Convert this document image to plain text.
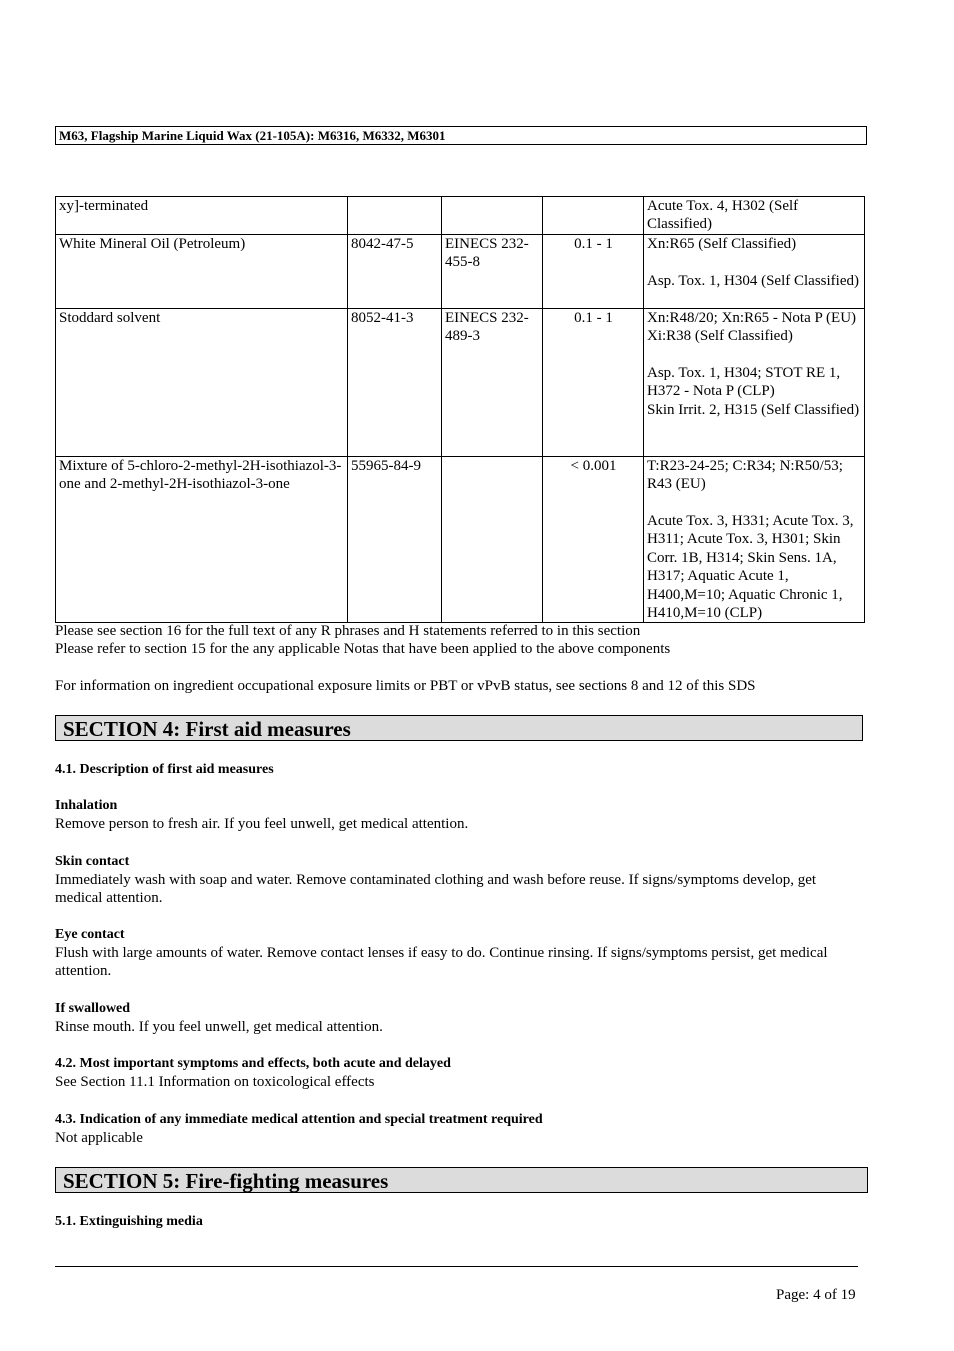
M63, Flagship Marine Liquid Wax (21-105A): M6316, M6332, M6301
xy]-terminated				Acute Tox. 4, H302 (Self Classified)
White Mineral Oil (Petroleum)	8042-47-5	EINECS 232-455-8	0.1 - 1	Xn:R65 (Self Classified)

Asp. Tox. 1, H304 (Self Classified)
Stoddard solvent	8052-41-3	EINECS 232-489-3	0.1 - 1	Xn:R48/20; Xn:R65 - Nota P (EU)
Xi:R38 (Self Classified)

Asp. Tox. 1, H304; STOT RE 1, H372 - Nota P (CLP)
Skin Irrit. 2, H315 (Self Classified)
Mixture of 5-chloro-2-methyl-2H-isothiazol-3-one and 2-methyl-2H-isothiazol-3-one	55965-84-9		< 0.001	T:R23-24-25; C:R34; N:R50/53; R43 (EU)

Acute Tox. 3, H331; Acute Tox. 3, H311; Acute Tox. 3, H301; Skin Corr. 1B, H314; Skin Sens. 1A, H317; Aquatic Acute 1, H400,M=10; Aquatic Chronic 1, H410,M=10 (CLP)
Please see section 16 for the full text of any R phrases and H statements referred to in this section
Please refer to section 15 for the any applicable Notas that have been applied to the above components
For information on ingredient occupational exposure limits or PBT or vPvB status, see sections 8 and 12 of this SDS
SECTION 4: First aid measures
4.1. Description of first aid measures
Inhalation
Remove person to fresh air. If you feel unwell, get medical attention.
Skin contact
Immediately wash with soap and water. Remove contaminated clothing and wash before reuse. If signs/symptoms develop, get medical attention.
Eye contact
Flush with large amounts of water. Remove contact lenses if easy to do. Continue rinsing. If signs/symptoms persist, get medical attention.
If swallowed
Rinse mouth. If you feel unwell, get medical attention.
4.2. Most important symptoms and effects, both acute and delayed
See Section 11.1 Information on toxicological effects
4.3. Indication of any immediate medical attention and special treatment required
Not applicable
SECTION 5: Fire-fighting measures
5.1. Extinguishing media
Page: 4 of 19
